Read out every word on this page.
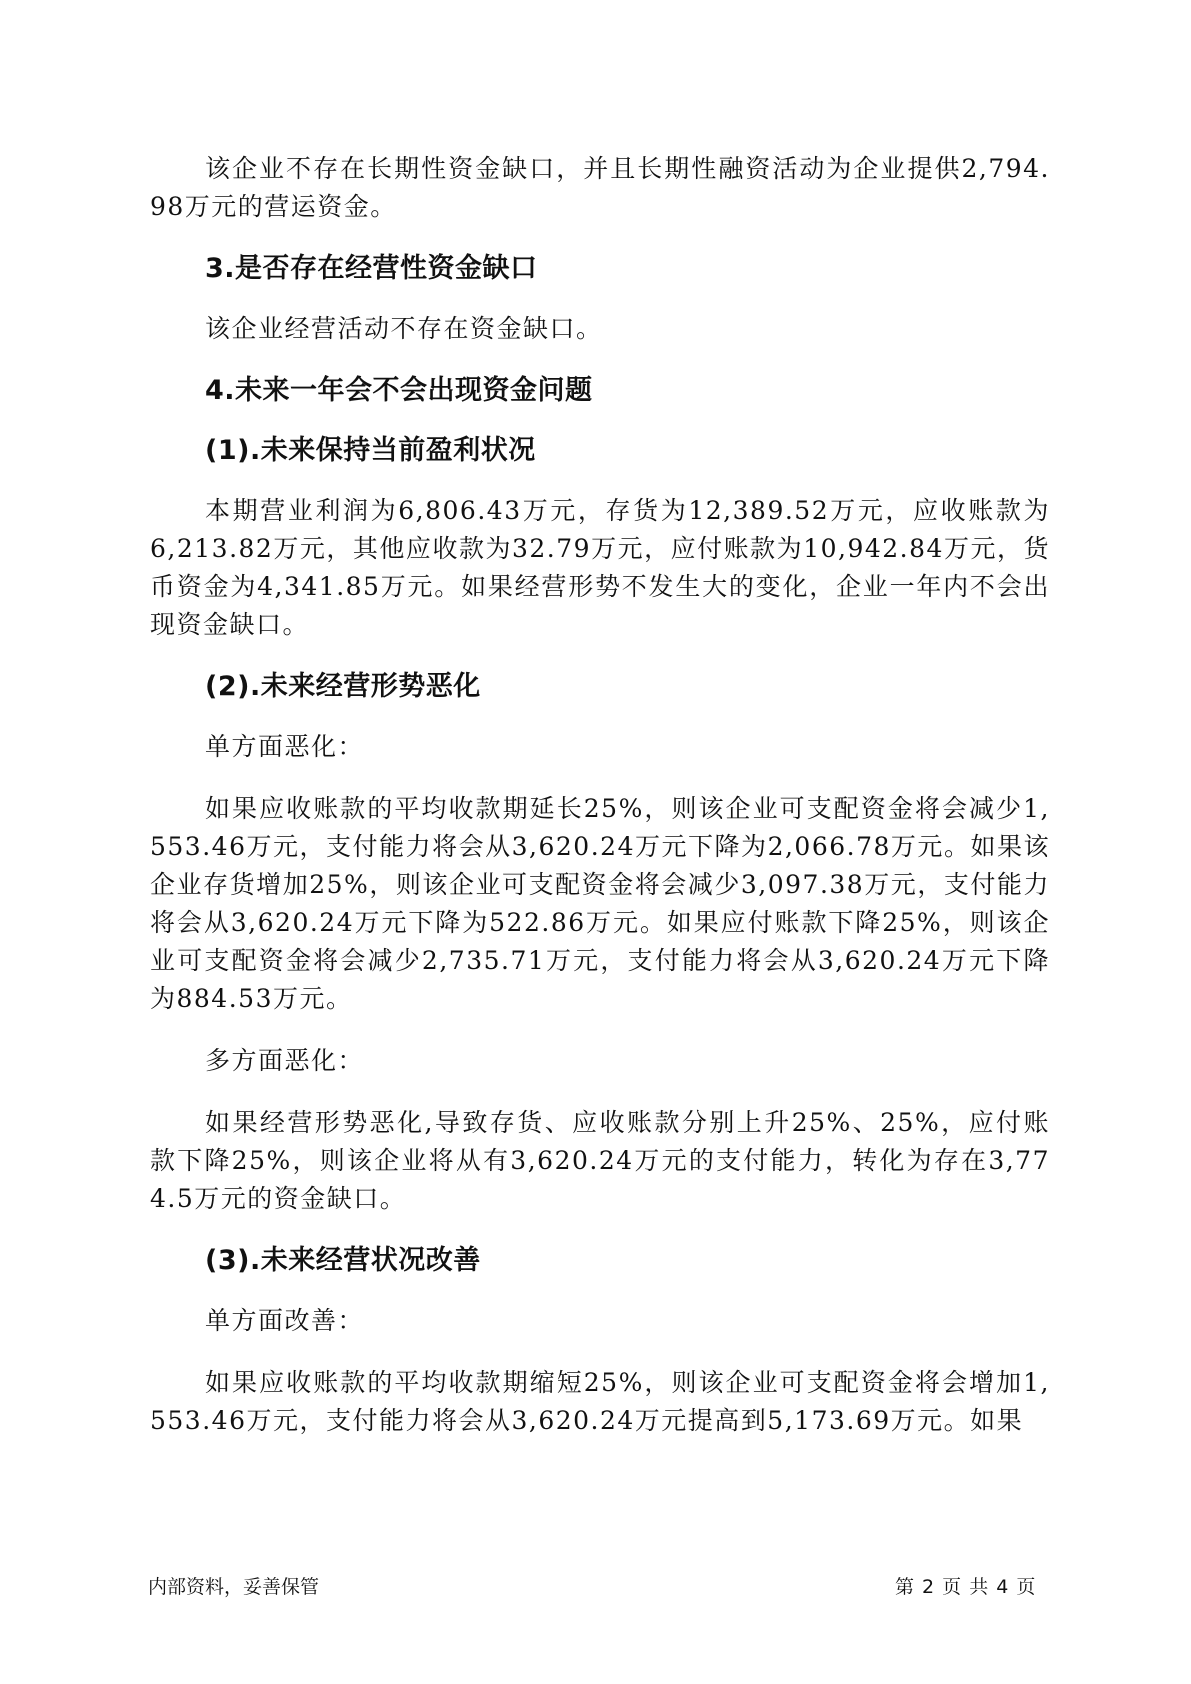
该企业不存在长期性资金缺口，并且长期性融资活动为企业提供2,794.98万元的营运资金。

3.是否存在经营性资金缺口

该企业经营活动不存在资金缺口。

4.未来一年会不会出现资金问题
(1).未来保持当前盈利状况

本期营业利润为6,806.43万元，存货为12,389.52万元，应收账款为6,213.82万元，其他应收款为32.79万元，应付账款为10,942.84万元，货币资金为4,341.85万元。如果经营形势不发生大的变化，企业一年内不会出现资金缺口。

(2).未来经营形势恶化

单方面恶化：

如果应收账款的平均收款期延长25%，则该企业可支配资金将会减少1,553.46万元，支付能力将会从3,620.24万元下降为2,066.78万元。如果该企业存货增加25%，则该企业可支配资金将会减少3,097.38万元，支付能力将会从3,620.24万元下降为522.86万元。如果应付账款下降25%，则该企业可支配资金将会减少2,735.71万元，支付能力将会从3,620.24万元下降为884.53万元。

多方面恶化：

如果经营形势恶化,导致存货、应收账款分别上升25%、25%，应付账款下降25%，则该企业将从有3,620.24万元的支付能力，转化为存在3,774.5万元的资金缺口。

(3).未来经营状况改善

单方面改善：

如果应收账款的平均收款期缩短25%，则该企业可支配资金将会增加1,553.46万元，支付能力将会从3,620.24万元提高到5,173.69万元。如果

内部资料，妥善保管	第 2 页 共 4 页
